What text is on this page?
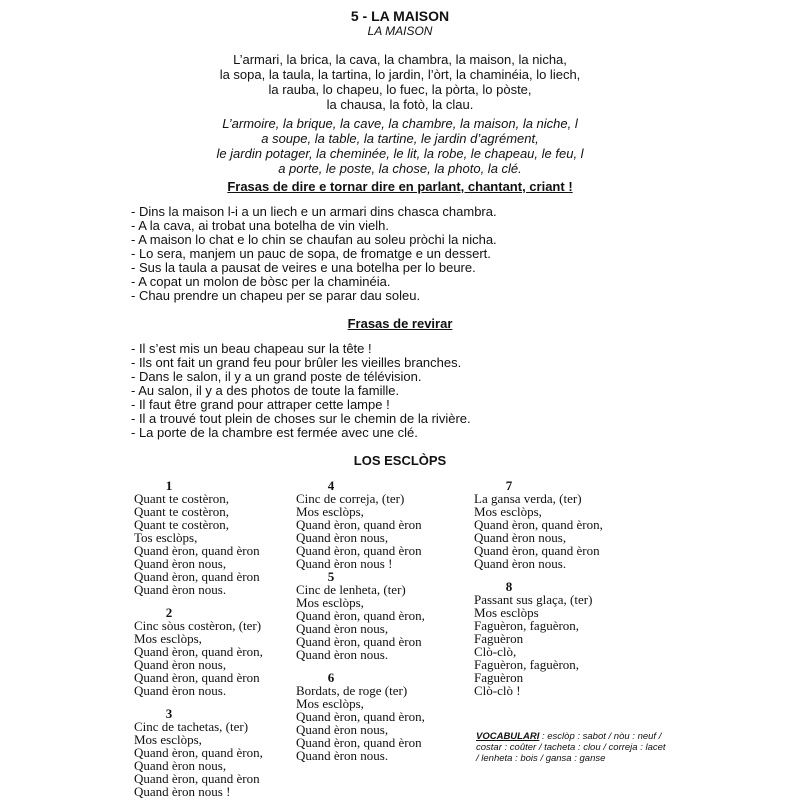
5 - LA MAISON
LA MAISON
L’armari, la brica, la cava, la chambra, la maison, la nicha,
la sopa, la taula, la tartina, lo jardin, l’òrt, la chaminéia, lo liech,
la rauba, lo chapeu, lo fuec, la pòrta, lo pòste,
la chausa, la fotò, la clau.
L’armoire, la brique, la cave, la chambre, la maison, la niche, l
a soupe, la table, la tartine, le jardin d’agrément,
le jardin potager, la cheminée, le lit, la robe, le chapeau, le feu, l
a porte, le poste, la chose, la photo, la clé.
Frasas de dire e tornar dire en parlant, chantant, criant !
- Dins la maison l-i a un liech e un armari dins chasca chambra.
- A la cava, ai trobat una botelha de vin vielh.
- A maison lo chat e lo chin se chaufan au soleu pròchi la nicha.
- Lo sera, manjem un pauc de sopa, de fromatge e un dessert.
- Sus la taula a pausat de veires e una botelha per lo beure.
- A copat un molon de bòsc per la chaminéia.
- Chau prendre un chapeu per se parar dau soleu.
Frasas de revirar
- Il s’est mis un beau chapeau sur la tête !
- Ils ont fait un grand feu pour brûler les vieilles branches.
- Dans le salon, il y a un grand poste de télévision.
- Au salon, il y a des photos de toute la famille.
- Il faut être grand pour attraper cette lampe !
- Il a trouvé tout plein de choses sur le chemin de la rivière.
- La porte de la chambre est fermée avec une clé.
LOS ESCLÒPS
1
Quant te costèron,
Quant te costèron,
Quant te costèron,
Tos esclòps,
Quand èron, quand èron
Quand èron nous,
Quand èron, quand èron
Quand èron nous.
2
Cinc sòus costèron, (ter)
Mos esclòps,
Quand èron, quand èron,
Quand èron nous,
Quand èron, quand èron
Quand èron nous.
3
Cinc de tachetas, (ter)
Mos esclòps,
Quand èron, quand èron,
Quand èron nous,
Quand èron, quand èron
Quand èron nous !
4
Cinc de correja, (ter)
Mos esclòps,
Quand èron, quand èron
Quand èron nous,
Quand èron, quand èron
Quand èron nous !
5
Cinc de lenheta, (ter)
Mos esclòps,
Quand èron, quand èron,
Quand èron nous,
Quand èron, quand èron
Quand èron nous.
6
Bordats, de roge (ter)
Mos esclòps,
Quand èron, quand èron,
Quand èron nous,
Quand èron, quand èron
Quand èron nous.
7
La gansa verda, (ter)
Mos esclòps,
Quand èron, quand èron,
Quand èron nous,
Quand èron, quand èron
Quand èron nous.
8
Passant sus glaça, (ter)
Mos esclòps
Faguèron, faguèron,
Faguèron
Clò-clò,
Faguèron, faguèron,
Faguèron
Clò-clò !
VOCABULARI : esclòp : sabot / nòu : neuf / costar : coûter / tacheta : clou / correja : lacet / lenheta : bois / gansa : ganse
